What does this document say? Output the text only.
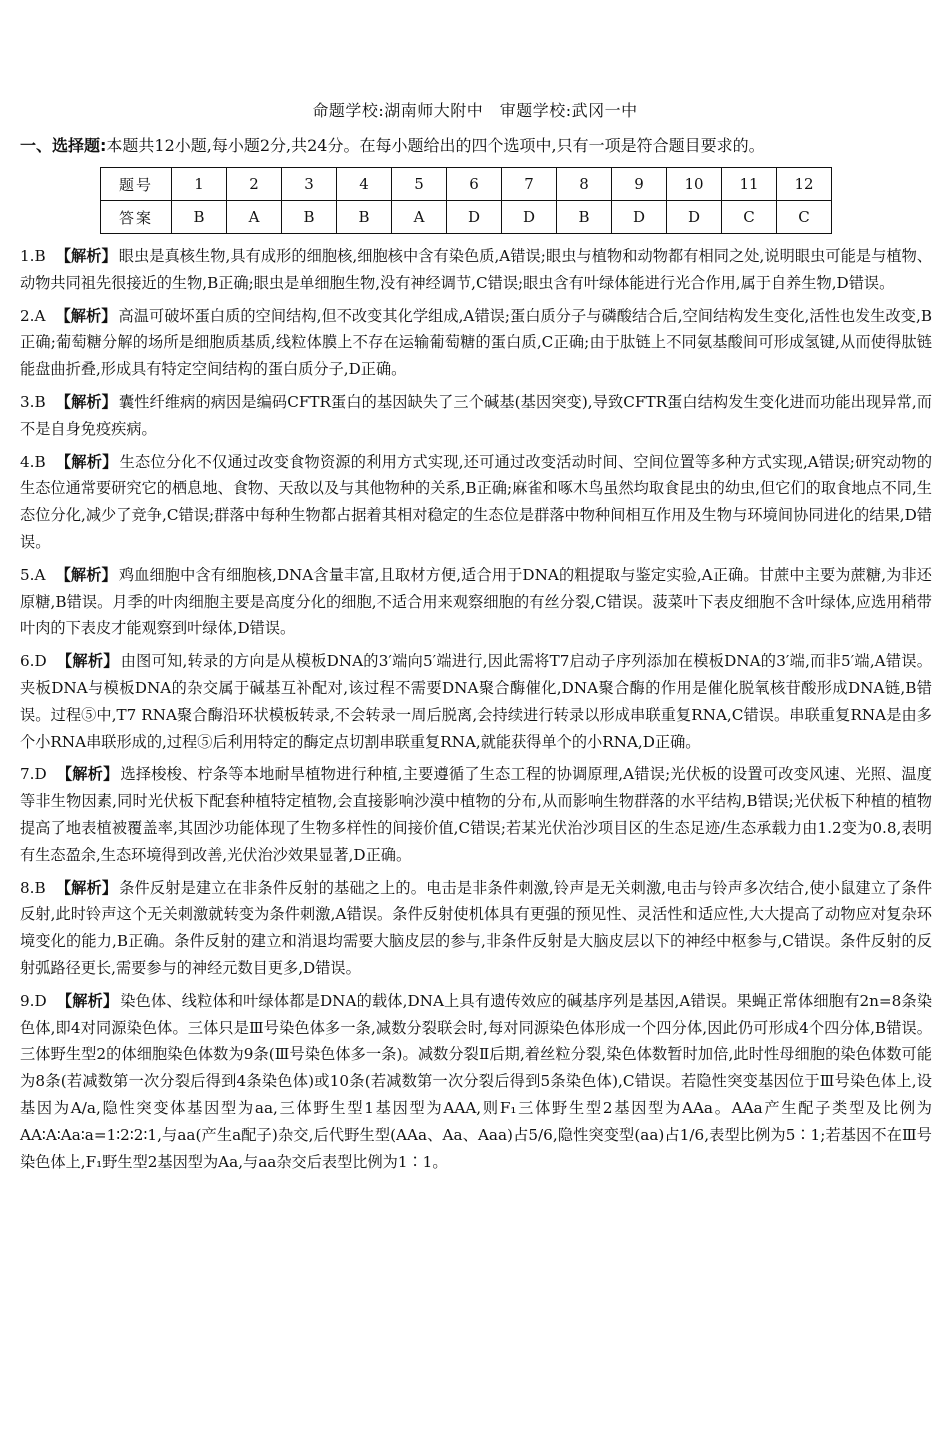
命题学校:湖南师大附中　审题学校:武冈一中
一、选择题:本题共12小题,每小题2分,共24分。在每小题给出的四个选项中,只有一项是符合题目要求的。
题号	1	2	3	4	5	6	7	8	9	10	11	12
答案	B	A	B	B	A	D	D	B	D	D	C	C
1.B 【解析】 眼虫是真核生物,具有成形的细胞核,细胞核中含有染色质,A错误;眼虫与植物和动物都有相同之处,说明眼虫可能是与植物、动物共同祖先很接近的生物,B正确;眼虫是单细胞生物,没有神经调节,C错误;眼虫含有叶绿体能进行光合作用,属于自养生物,D错误。
2.A 【解析】 高温可破坏蛋白质的空间结构,但不改变其化学组成,A错误;蛋白质分子与磷酸结合后,空间结构发生变化,活性也发生改变,B正确;葡萄糖分解的场所是细胞质基质,线粒体膜上不存在运输葡萄糖的蛋白质,C正确;由于肽链上不同氨基酸间可形成氢键,从而使得肽链能盘曲折叠,形成具有特定空间结构的蛋白质分子,D正确。
3.B 【解析】 囊性纤维病的病因是编码CFTR蛋白的基因缺失了三个碱基(基因突变),导致CFTR蛋白结构发生变化进而功能出现异常,而不是自身免疫疾病。
4.B 【解析】 生态位分化不仅通过改变食物资源的利用方式实现,还可通过改变活动时间、空间位置等多种方式实现,A错误;研究动物的生态位通常要研究它的栖息地、食物、天敌以及与其他物种的关系,B正确;麻雀和啄木鸟虽然均取食昆虫的幼虫,但它们的取食地点不同,生态位分化,减少了竞争,C错误;群落中每种生物都占据着其相对稳定的生态位是群落中物种间相互作用及生物与环境间协同进化的结果,D错误。
5.A 【解析】 鸡血细胞中含有细胞核,DNA含量丰富,且取材方便,适合用于DNA的粗提取与鉴定实验,A正确。甘蔗中主要为蔗糖,为非还原糖,B错误。月季的叶肉细胞主要是高度分化的细胞,不适合用来观察细胞的有丝分裂,C错误。菠菜叶下表皮细胞不含叶绿体,应选用稍带叶肉的下表皮才能观察到叶绿体,D错误。
6.D 【解析】 由图可知,转录的方向是从模板DNA的3′端向5′端进行,因此需将T7启动子序列添加在模板DNA的3′端,而非5′端,A错误。夹板DNA与模板DNA的杂交属于碱基互补配对,该过程不需要DNA聚合酶催化,DNA聚合酶的作用是催化脱氧核苷酸形成DNA链,B错误。过程⑤中,T7 RNA聚合酶沿环状模板转录,不会转录一周后脱离,会持续进行转录以形成串联重复RNA,C错误。串联重复RNA是由多个小RNA串联形成的,过程⑤后利用特定的酶定点切割串联重复RNA,就能获得单个的小RNA,D正确。
7.D 【解析】 选择梭梭、柠条等本地耐旱植物进行种植,主要遵循了生态工程的协调原理,A错误;光伏板的设置可改变风速、光照、温度等非生物因素,同时光伏板下配套种植特定植物,会直接影响沙漠中植物的分布,从而影响生物群落的水平结构,B错误;光伏板下种植的植物提高了地表植被覆盖率,其固沙功能体现了生物多样性的间接价值,C错误;若某光伏治沙项目区的生态足迹/生态承载力由1.2变为0.8,表明有生态盈余,生态环境得到改善,光伏治沙效果显著,D正确。
8.B 【解析】 条件反射是建立在非条件反射的基础之上的。电击是非条件刺激,铃声是无关刺激,电击与铃声多次结合,使小鼠建立了条件反射,此时铃声这个无关刺激就转变为条件刺激,A错误。条件反射使机体具有更强的预见性、灵活性和适应性,大大提高了动物应对复杂环境变化的能力,B正确。条件反射的建立和消退均需要大脑皮层的参与,非条件反射是大脑皮层以下的神经中枢参与,C错误。条件反射的反射弧路径更长,需要参与的神经元数目更多,D错误。
9.D 【解析】 染色体、线粒体和叶绿体都是DNA的载体,DNA上具有遗传效应的碱基序列是基因,A错误。果蝇正常体细胞有2n=8条染色体,即4对同源染色体。三体只是Ⅲ号染色体多一条,减数分裂联会时,每对同源染色体形成一个四分体,因此仍可形成4个四分体,B错误。三体野生型2的体细胞染色体数为9条(Ⅲ号染色体多一条)。减数分裂Ⅱ后期,着丝粒分裂,染色体数暂时加倍,此时性母细胞的染色体数可能为8条(若减数第一次分裂后得到4条染色体)或10条(若减数第一次分裂后得到5条染色体),C错误。若隐性突变基因位于Ⅲ号染色体上,设基因为A/a,隐性突变体基因型为aa,三体野生型1基因型为AAA,则F₁三体野生型2基因型为AAa。AAa产生配子类型及比例为AA∶A∶Aa∶a=1∶2∶2∶1,与aa(产生a配子)杂交,后代野生型(AAa、Aa、Aaa)占5/6,隐性突变型(aa)占1/6,表型比例为5∶1;若基因不在Ⅲ号染色体上,F₁野生型2基因型为Aa,与aa杂交后表型比例为1∶1。
